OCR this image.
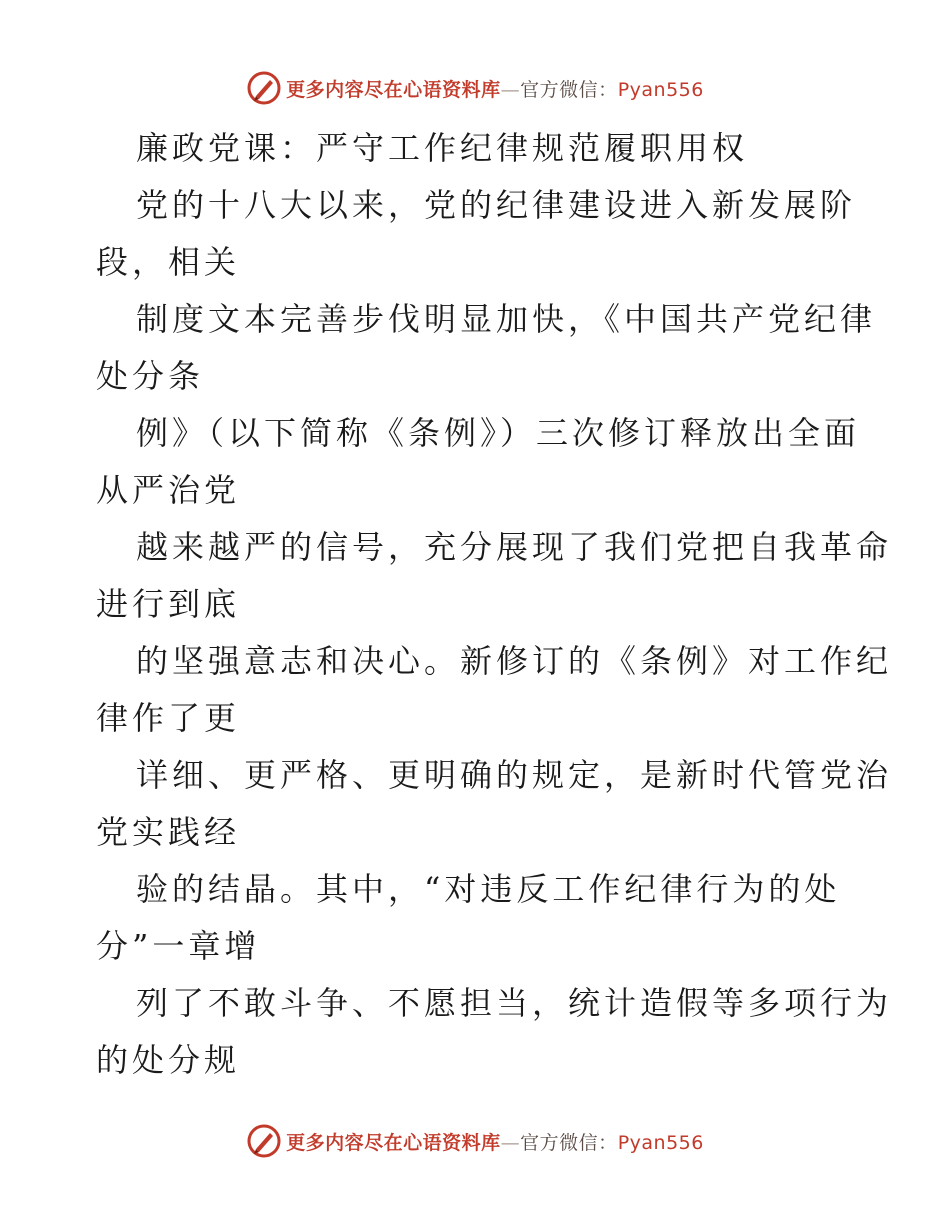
更多内容尽在心语资料库—官方微信：Pyan556
廉政党课：严守工作纪律规范履职用权
党的十八大以来，党的纪律建设进入新发展阶
段，相关
制度文本完善步伐明显加快，《中国共产党纪律
处分条
例》（以下简称《条例》）三次修订释放出全面
从严治党
越来越严的信号，充分展现了我们党把自我革命
进行到底
的坚强意志和决心。新修订的《条例》对工作纪
律作了更
详细、更严格、更明确的规定，是新时代管党治
党实践经
验的结晶。其中，“对违反工作纪律行为的处
分”一章增
列了不敢斗争、不愿担当，统计造假等多项行为
的处分规
更多内容尽在心语资料库—官方微信：Pyan556
